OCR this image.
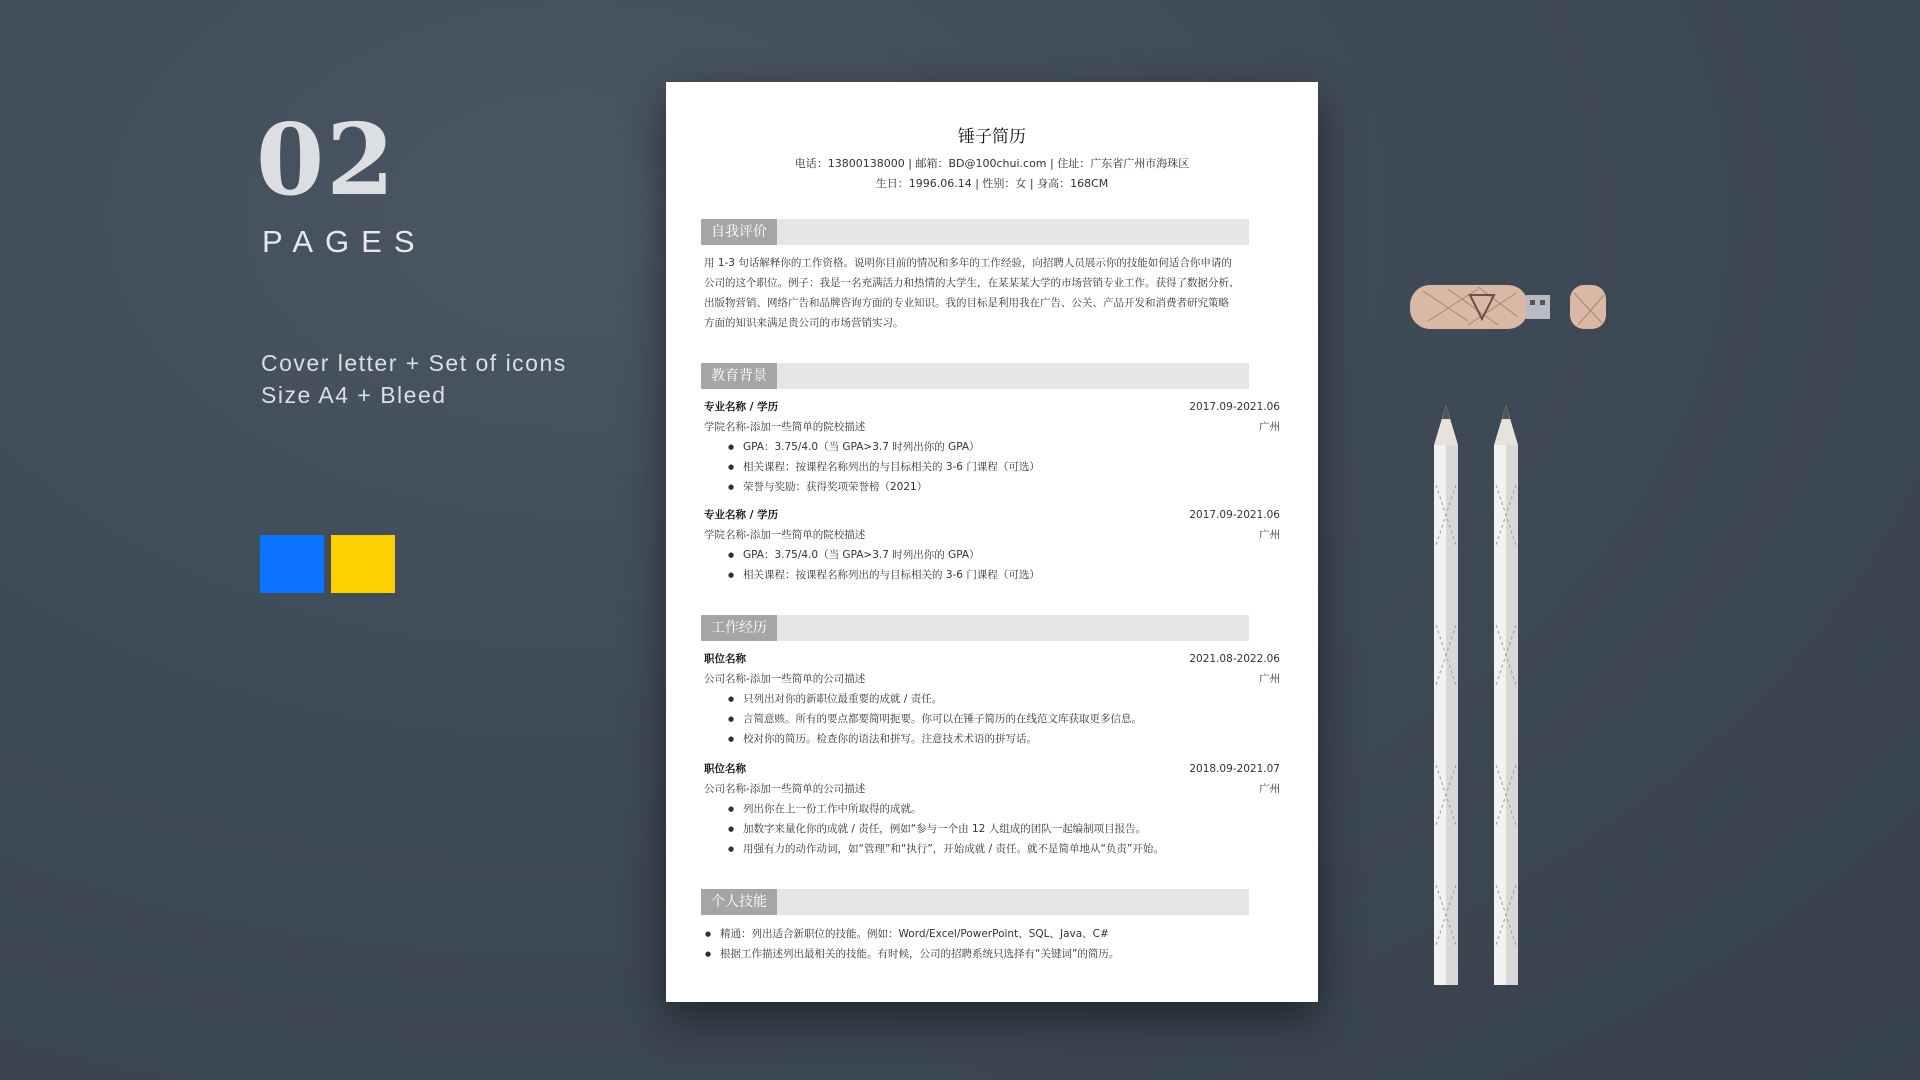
02
PAGES
Cover letter + Set of icons
Size A4 + Bleed
锤子简历
电话：13800138000 | 邮箱：BD@100chui.com | 住址：广东省广州市海珠区
生日：1996.06.14 | 性别：女 | 身高：168CM
自我评价
用 1-3 句话解释你的工作资格。说明你目前的情况和多年的工作经验，向招聘人员展示你的技能如何适合你申请的
公司的这个职位。例子：我是一名充满活力和热情的大学生，在某某某大学的市场营销专业工作。获得了数据分析、
出版物营销、网络广告和品牌咨询方面的专业知识。我的目标是利用我在广告、公关、产品开发和消费者研究策略
方面的知识来满足贵公司的市场营销实习。
教育背景
专业名称 / 学历	2017.09-2021.06
学院名称-添加一些简单的院校描述	广州
● GPA：3.75/4.0（当 GPA>3.7 时列出你的 GPA）
● 相关课程：按课程名称列出的与目标相关的 3-6 门课程（可选）
● 荣誉与奖励：获得奖项荣誉榜（2021）
专业名称 / 学历	2017.09-2021.06
学院名称-添加一些简单的院校描述	广州
● GPA：3.75/4.0（当 GPA>3.7 时列出你的 GPA）
● 相关课程：按课程名称列出的与目标相关的 3-6 门课程（可选）
工作经历
职位名称	2021.08-2022.06
公司名称-添加一些简单的公司描述	广州
● 只列出对你的新职位最重要的成就 / 责任。
● 言简意赅。所有的要点都要简明扼要。你可以在锤子简历的在线范文库获取更多信息。
● 校对你的简历。检查你的语法和拼写。注意技术术语的拼写话。
职位名称	2018.09-2021.07
公司名称-添加一些简单的公司描述	广州
● 列出你在上一份工作中所取得的成就。
● 加数字来量化你的成就 / 责任，例如“参与一个由 12 人组成的团队一起编制项目报告。
● 用强有力的动作动词，如“管理”和“执行”，开始成就 / 责任。就不是简单地从“负责”开始。
个人技能
● 精通：列出适合新职位的技能。例如：Word/Excel/PowerPoint、SQL、Java、C#
● 根据工作描述列出最相关的技能。有时候，公司的招聘系统只选择有“关键词”的简历。
